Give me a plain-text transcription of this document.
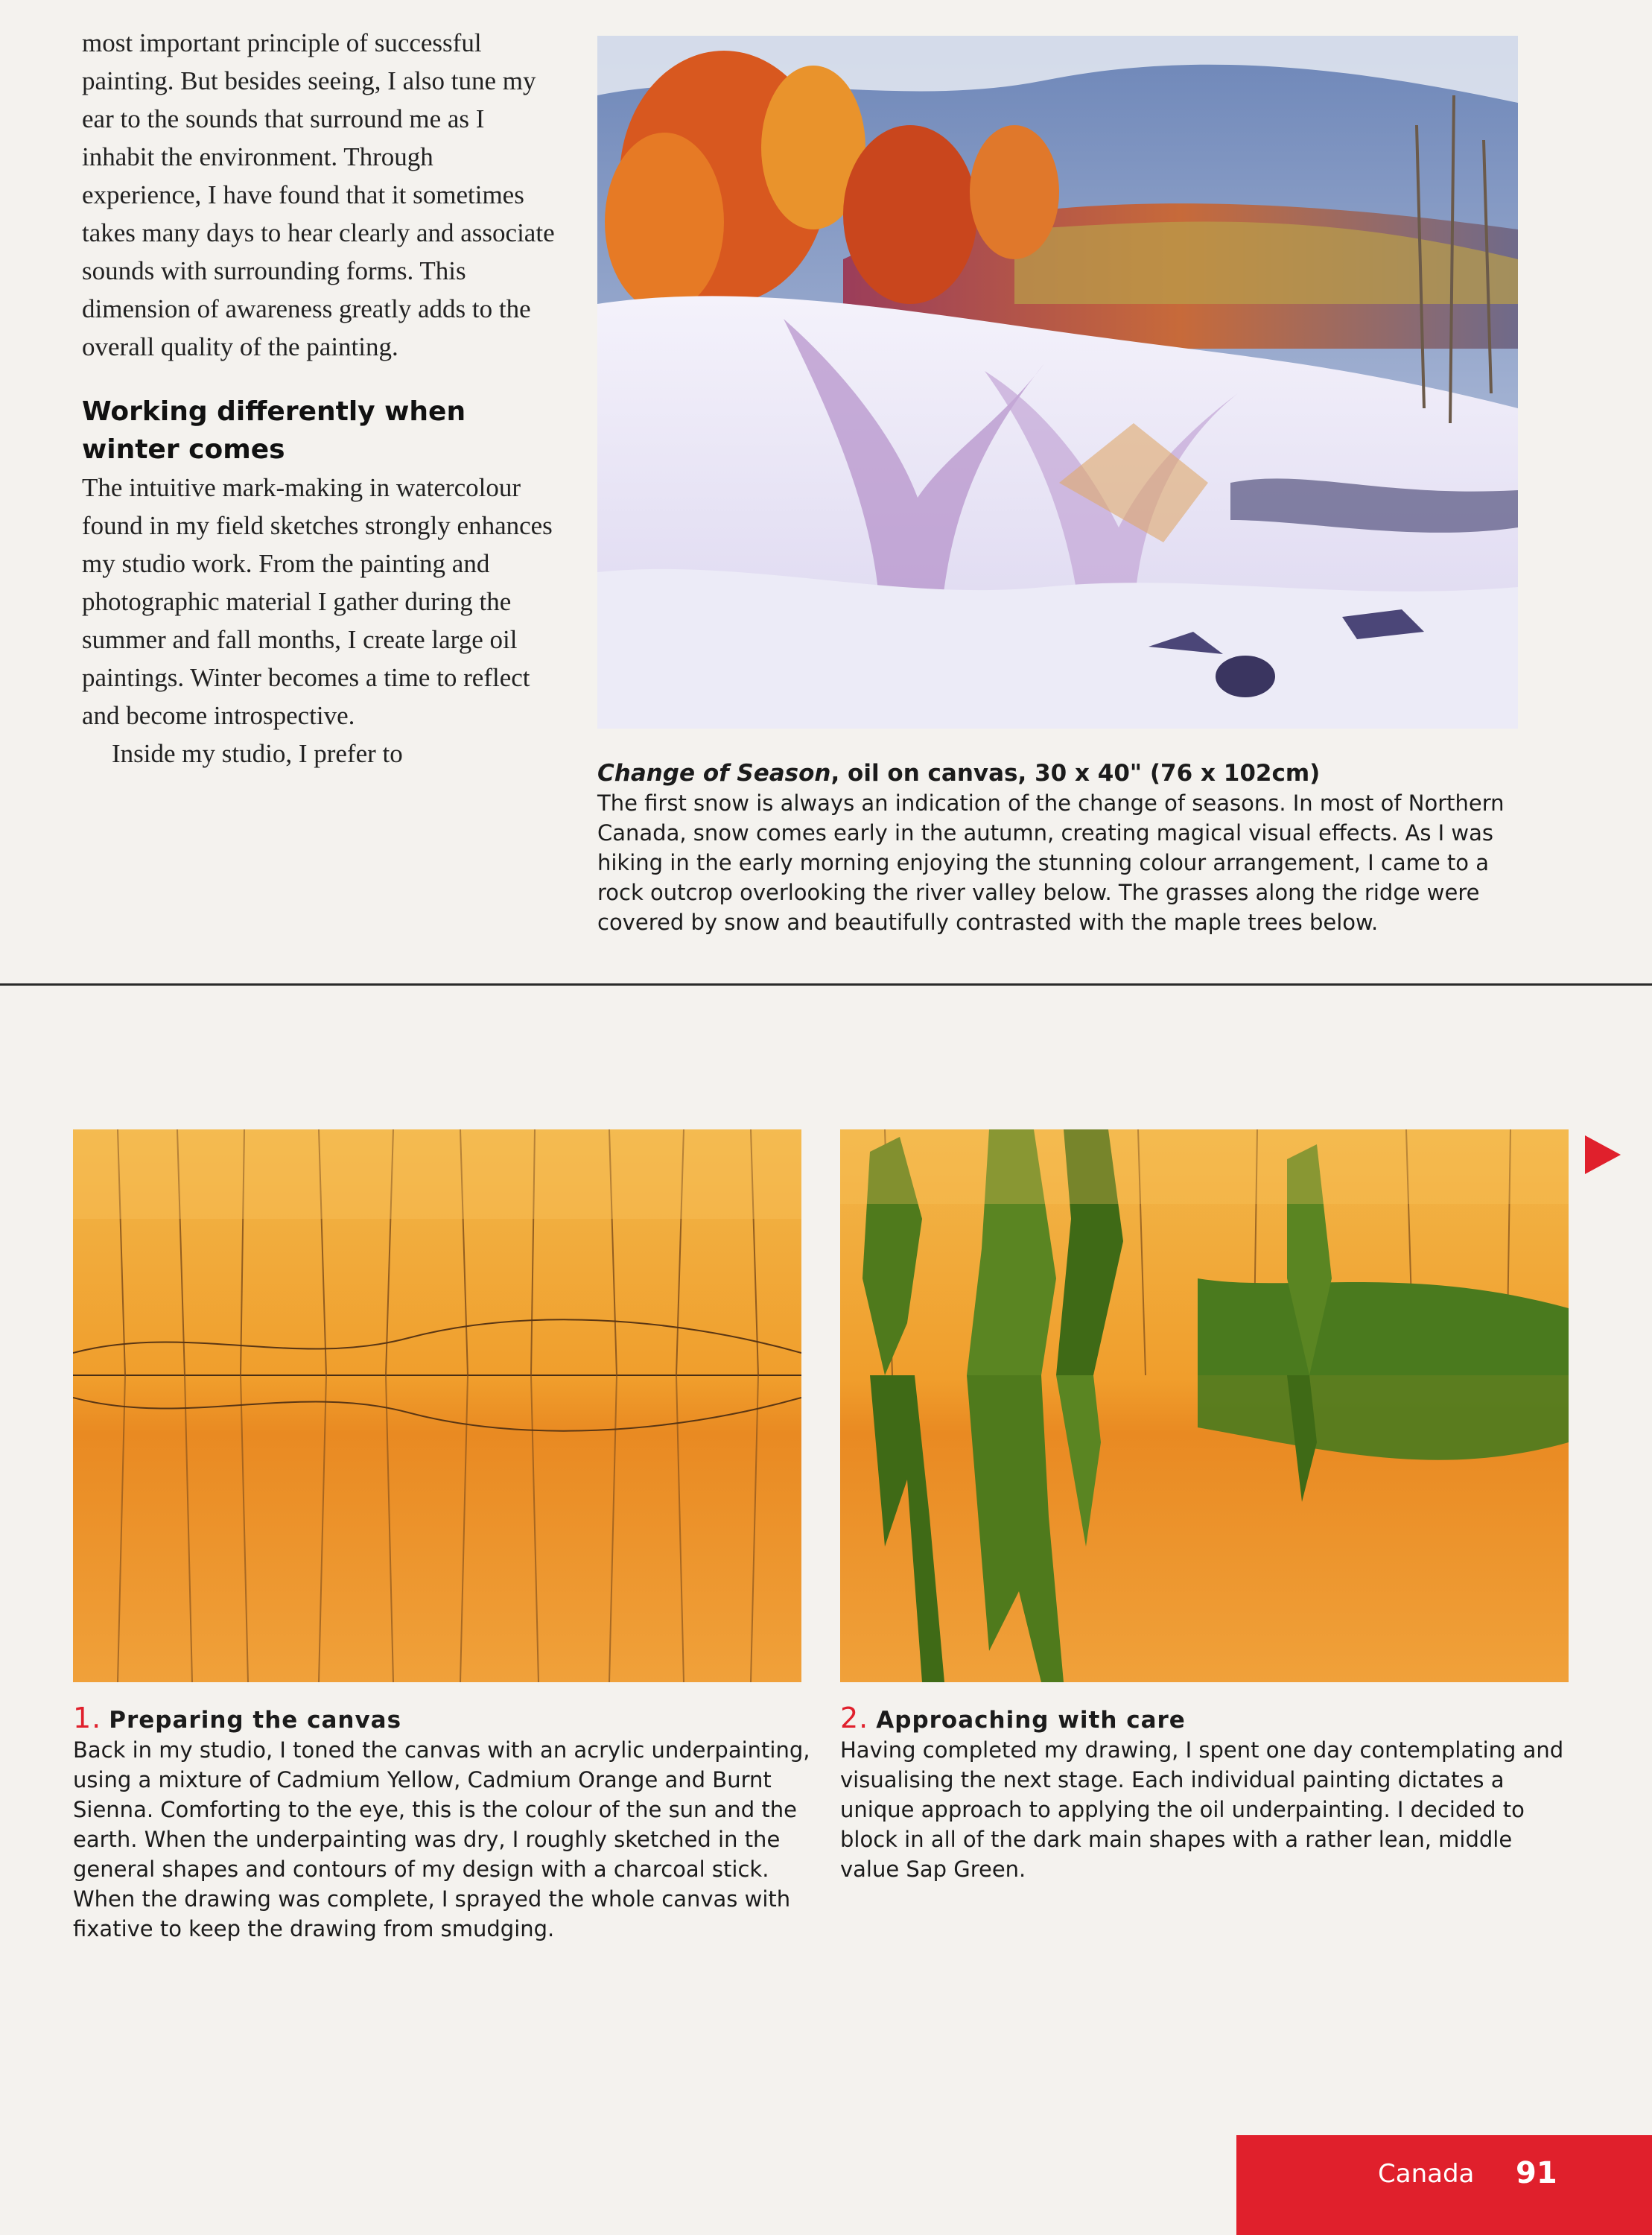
most important principle of successful painting. But besides seeing, I also tune my ear to the sounds that surround me as I inhabit the environment. Through experience, I have found that it sometimes takes many days to hear clearly and associate sounds with surrounding forms. This dimension of awareness greatly adds to the overall quality of the painting.

Working differently when winter comes

The intuitive mark-making in watercolour found in my field sketches strongly enhances my studio work. From the painting and photographic material I gather during the summer and fall months, I create large oil paintings. Winter becomes a time to reflect and become introspective.

Inside my studio, I prefer to

Change of Season, oil on canvas, 30 x 40" (76 x 102cm)
The first snow is always an indication of the change of seasons. In most of Northern Canada, snow comes early in the autumn, creating magical visual effects. As I was hiking in the early morning enjoying the stunning colour arrangement, I came to a rock outcrop overlooking the river valley below. The grasses along the ridge were covered by snow and beautifully contrasted with the maple trees below.
1. Preparing the canvas
Back in my studio, I toned the canvas with an acrylic underpainting, using a mixture of Cadmium Yellow, Cadmium Orange and Burnt Sienna. Comforting to the eye, this is the colour of the sun and the earth. When the underpainting was dry, I roughly sketched in the general shapes and contours of my design with a charcoal stick. When the drawing was complete, I sprayed the whole canvas with fixative to keep the drawing from smudging.
2. Approaching with care
Having completed my drawing, I spent one day contemplating and visualising the next stage. Each individual painting dictates a unique approach to applying the oil underpainting. I decided to block in all of the dark main shapes with a rather lean, middle value Sap Green.
Canada 91
